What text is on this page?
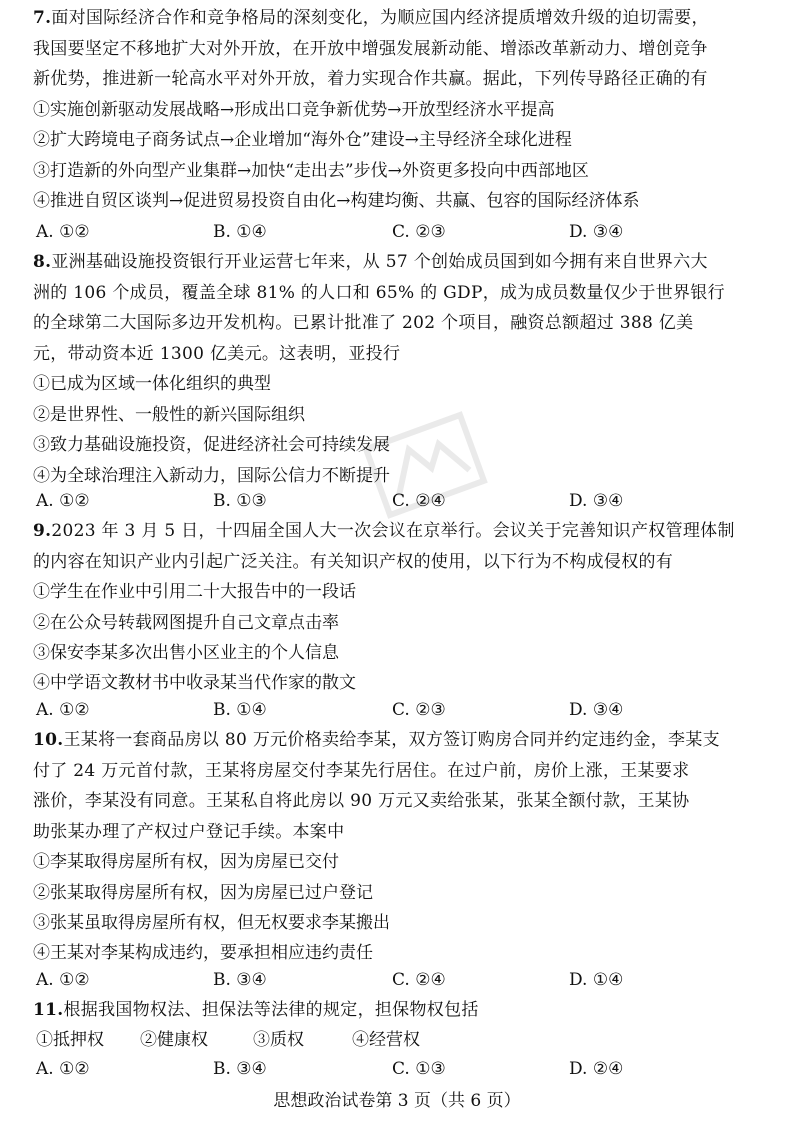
7.面对国际经济合作和竞争格局的深刻变化，为顺应国内经济提质增效升级的迫切需要，
我国要坚定不移地扩大对外开放，在开放中增强发展新动能、增添改革新动力、增创竞争
新优势，推进新一轮高水平对外开放，着力实现合作共赢。据此，下列传导路径正确的有
①实施创新驱动发展战略→形成出口竞争新优势→开放型经济水平提高
②扩大跨境电子商务试点→企业增加“海外仓”建设→主导经济全球化进程
③打造新的外向型产业集群→加快“走出去”步伐→外资更多投向中西部地区
④推进自贸区谈判→促进贸易投资自由化→构建均衡、共赢、包容的国际经济体系
A. ①②	B. ①④	C. ②③	D. ③④
8.亚洲基础设施投资银行开业运营七年来，从 57 个创始成员国到如今拥有来自世界六大
洲的 106 个成员，覆盖全球 81% 的人口和 65% 的 GDP，成为成员数量仅少于世界银行
的全球第二大国际多边开发机构。已累计批准了 202 个项目，融资总额超过 388 亿美
元，带动资本近 1300 亿美元。这表明，亚投行
①已成为区域一体化组织的典型
②是世界性、一般性的新兴国际组织
③致力基础设施投资，促进经济社会可持续发展
④为全球治理注入新动力，国际公信力不断提升
A. ①②	B. ①③	C. ②④	D. ③④
9.2023 年 3 月 5 日，十四届全国人大一次会议在京举行。会议关于完善知识产权管理体制
的内容在知识产业内引起广泛关注。有关知识产权的使用，以下行为不构成侵权的有
①学生在作业中引用二十大报告中的一段话
②在公众号转载网图提升自己文章点击率
③保安李某多次出售小区业主的个人信息
④中学语文教材书中收录某当代作家的散文
A. ①②	B. ①④	C. ②③	D. ③④
10.王某将一套商品房以 80 万元价格卖给李某，双方签订购房合同并约定违约金，李某支
付了 24 万元首付款，王某将房屋交付李某先行居住。在过户前，房价上涨，王某要求
涨价，李某没有同意。王某私自将此房以 90 万元又卖给张某，张某全额付款，王某协
助张某办理了产权过户登记手续。本案中
①李某取得房屋所有权，因为房屋已交付
②张某取得房屋所有权，因为房屋已过户登记
③张某虽取得房屋所有权，但无权要求李某搬出
④王某对李某构成违约，要承担相应违约责任
A. ①②	B. ③④	C. ②④	D. ①④
11.根据我国物权法、担保法等法律的规定，担保物权包括
①抵押权 ②健康权	③质权	④经营权
A. ①②	B. ③④	C. ①③	D. ②④
思想政治试卷第 3 页（共 6 页）
